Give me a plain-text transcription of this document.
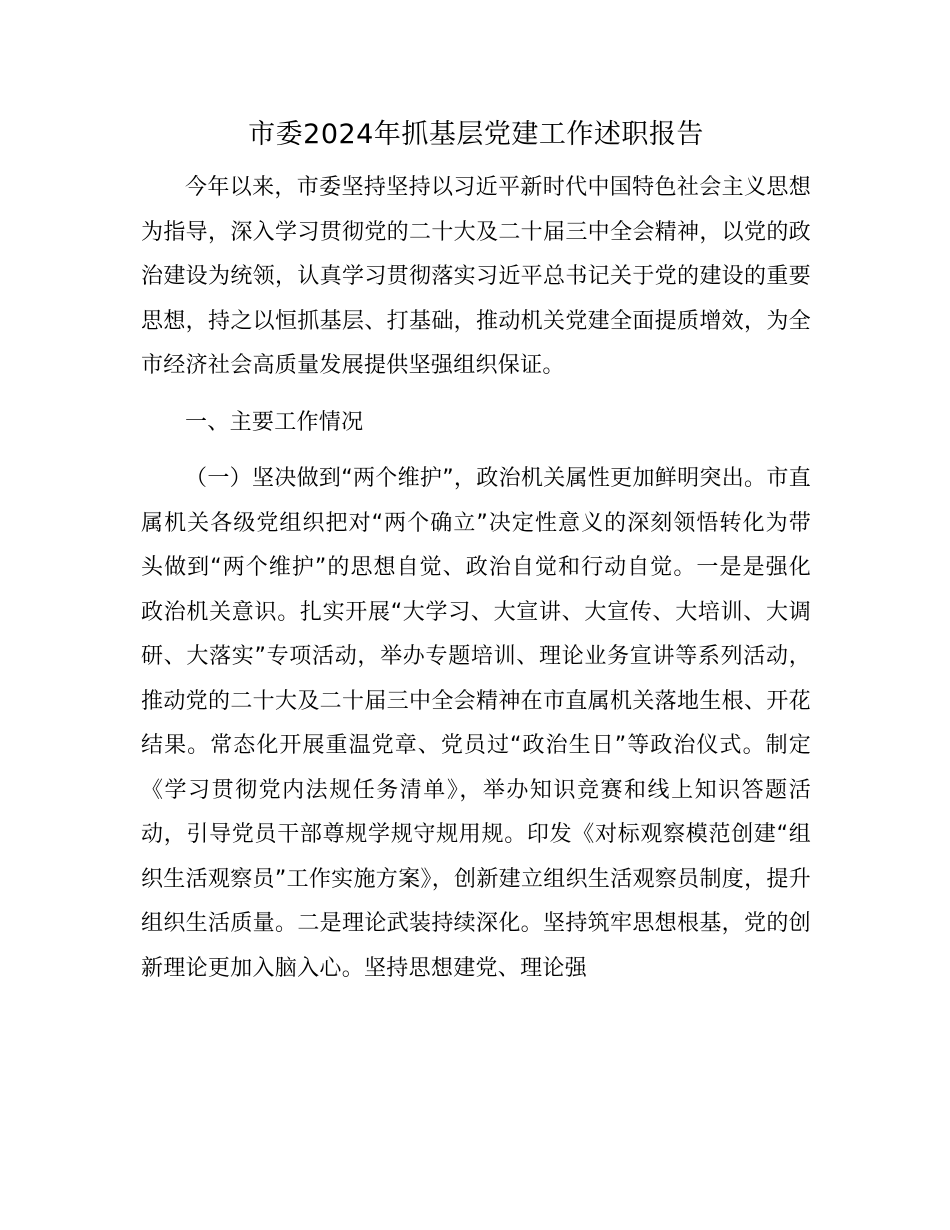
市委2024年抓基层党建工作述职报告

今年以来，市委坚持坚持以习近平新时代中国特色社会主义思想为指导，深入学习贯彻党的二十大及二十届三中全会精神，以党的政治建设为统领，认真学习贯彻落实习近平总书记关于党的建设的重要思想，持之以恒抓基层、打基础，推动机关党建全面提质增效，为全市经济社会高质量发展提供坚强组织保证。

一、主要工作情况

（一）坚决做到“两个维护”，政治机关属性更加鲜明突出。市直属机关各级党组织把对“两个确立”决定性意义的深刻领悟转化为带头做到“两个维护”的思想自觉、政治自觉和行动自觉。一是是强化政治机关意识。扎实开展“大学习、大宣讲、大宣传、大培训、大调研、大落实”专项活动，举办专题培训、理论业务宣讲等系列活动，推动党的二十大及二十届三中全会精神在市直属机关落地生根、开花结果。常态化开展重温党章、党员过“政治生日”等政治仪式。制定《学习贯彻党内法规任务清单》，举办知识竞赛和线上知识答题活动，引导党员干部尊规学规守规用规。印发《对标观察模范创建“组织生活观察员”工作实施方案》，创新建立组织生活观察员制度，提升组织生活质量。二是理论武装持续深化。坚持筑牢思想根基，党的创新理论更加入脑入心。坚持思想建党、理论强
